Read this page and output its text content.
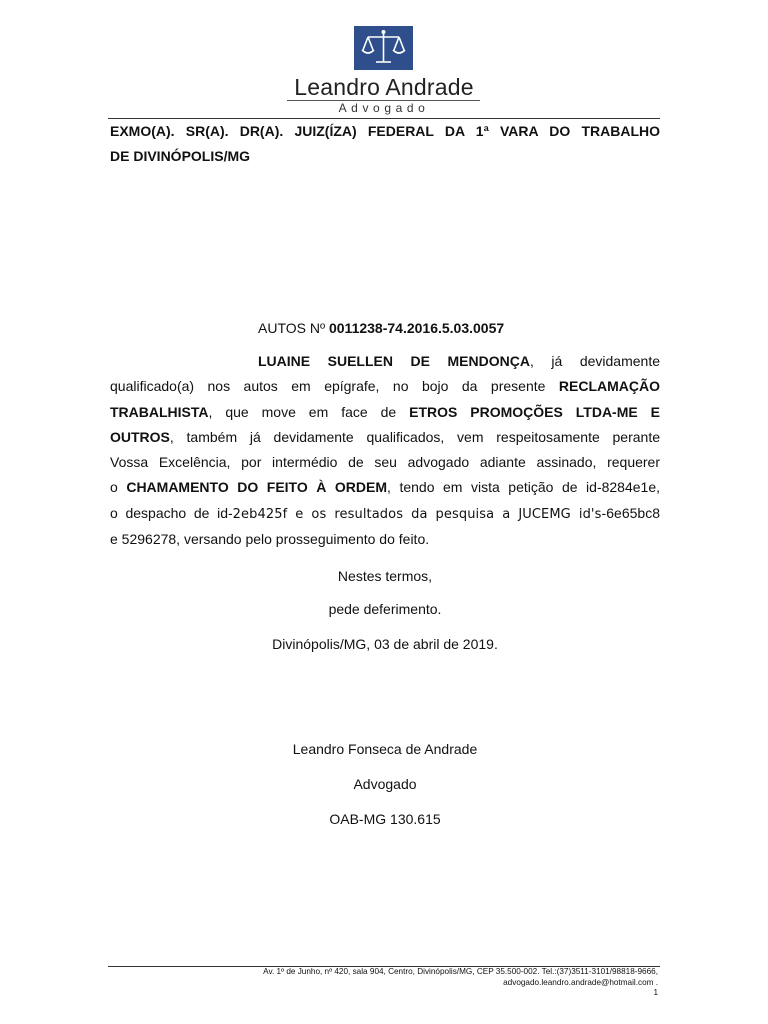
Leandro Andrade
Advogado
EXMO(A). SR(A). DR(A). JUIZ(ÍZA) FEDERAL DA 1ª VARA DO TRABALHO
DE DIVINÓPOLIS/MG
AUTOS Nº 0011238-74.2016.5.03.0057
LUAINE SUELLEN DE MENDONÇA, já devidamente
qualificado(a) nos autos em epígrafe, no bojo da presente RECLAMAÇÃO
TRABALHISTA, que move em face de ETROS PROMOÇÕES LTDA-ME E
OUTROS, também já devidamente qualificados, vem respeitosamente perante
Vossa Excelência, por intermédio de seu advogado adiante assinado, requerer
o CHAMAMENTO DO FEITO À ORDEM, tendo em vista petição de id-8284e1e,
o despacho de id-2eb425f e os resultados da pesquisa a JUCEMG id's-6e65bc8
e 5296278, versando pelo prosseguimento do feito.
Nestes termos,
pede deferimento.
Divinópolis/MG, 03 de abril de 2019.
Leandro Fonseca de Andrade
Advogado
OAB-MG 130.615
Av. 1º de Junho, nº 420, sala 904, Centro, Divinópolis/MG, CEP 35.500-002. Tel.:(37)3511-3101/98818-9666,
advogado.leandro.andrade@hotmail.com .
1
